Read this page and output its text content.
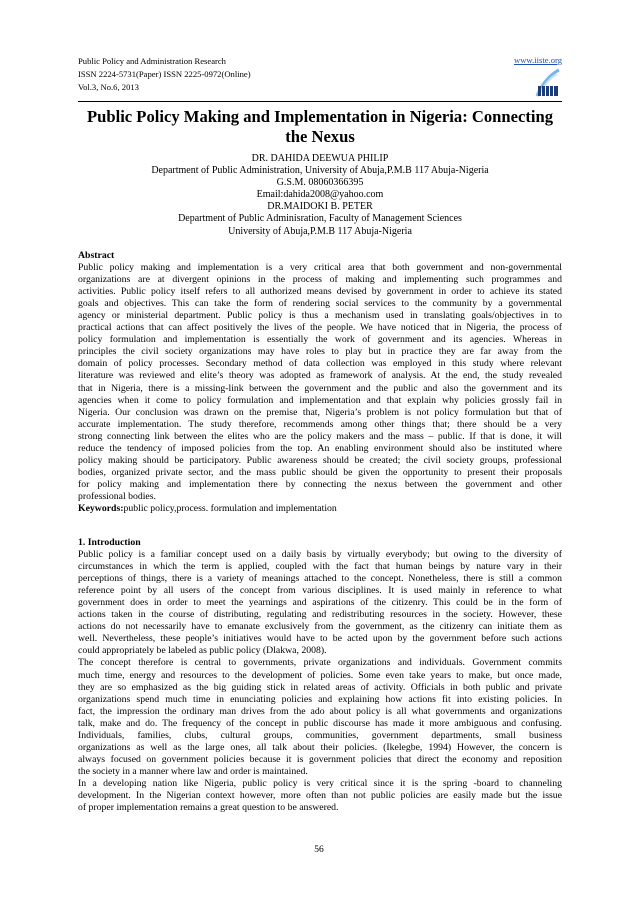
Public Policy and Administration Research
ISSN 2224-5731(Paper) ISSN 2225-0972(Online)
Vol.3, No.6, 2013
www.iiste.org
Public Policy Making and Implementation in Nigeria: Connecting
the Nexus
DR. DAHIDA DEEWUA PHILIP
Department of Public Administration, University of Abuja,P.M.B 117 Abuja-Nigeria
G.S.M. 08060366395
Email:dahida2008@yahoo.com
DR.MAIDOKI B. PETER
Department of Public Adminisration, Faculty of Management Sciences
University of Abuja,P.M.B 117 Abuja-Nigeria
Abstract
Public policy making and implementation is a very critical area that both government and non-governmental
organizations are at divergent opinions in the process of making and implementing such programmes and
activities. Public policy itself refers to all authorized means devised by government in order to achieve its stated
goals and objectives. This can take the form of rendering social services to the community by a governmental
agency or ministerial department. Public policy is thus a mechanism used in translating goals/objectives in to
practical actions that can affect positively the lives of the people. We have noticed that in Nigeria, the process of
policy formulation and implementation is essentially the work of government and its agencies. Whereas in
principles the civil society organizations may have roles to play but in practice they are far away from the
domain of policy processes. Secondary method of data collection was employed in this study where relevant
literature was reviewed and elite’s theory was adopted as framework of analysis. At the end, the study revealed
that in Nigeria, there is a missing-link between the government and the public and also the government and its
agencies when it come to policy formulation and implementation and that explain why policies grossly fail in
Nigeria. Our conclusion was drawn on the premise that, Nigeria’s problem is not policy formulation but that of
accurate implementation. The study therefore, recommends among other things that; there should be a very
strong connecting link between the elites who are the policy makers and the mass – public. If that is done, it will
reduce the tendency of imposed policies from the top. An enabling environment should also be instituted where
policy making should be participatory. Public awareness should be created; the civil society groups, professional
bodies, organized private sector, and the mass public should be given the opportunity to present their proposals
for policy making and implementation there by connecting the nexus between the government and other
professional bodies.
Keywords:public policy,process. formulation and implementation
1. Introduction
Public policy is a familiar concept used on a daily basis by virtually everybody; but owing to the diversity of
circumstances in which the term is applied, coupled with the fact that human beings by nature vary in their
perceptions of things, there is a variety of meanings attached to the concept. Nonetheless, there is still a common
reference point by all users of the concept from various disciplines. It is used mainly in reference to what
government does in order to meet the yearnings and aspirations of the citizenry. This could be in the form of
actions taken in the course of distributing, regulating and redistributing resources in the society. However, these
actions do not necessarily have to emanate exclusively from the government, as the citizenry can initiate them as
well. Nevertheless, these people’s initiatives would have to be acted upon by the government before such actions
could appropriately be labeled as public policy (Dlakwa, 2008).
The concept therefore is central to governments, private organizations and individuals. Government commits
much time, energy and resources to the development of policies. Some even take years to make, but once made,
they are so emphasized as the big guiding stick in related areas of activity. Officials in both public and private
organizations spend much time in enunciating policies and explaining how actions fit into existing policies. In
fact, the impression the ordinary man drives from the ado about policy is all what governments and organizations
talk, make and do. The frequency of the concept in public discourse has made it more ambiguous and confusing.
Individuals, families, clubs, cultural groups, communities, government departments, small business
organizations as well as the large ones, all talk about their policies. (Ikelegbe, 1994) However, the concern is
always focused on government policies because it is government policies that direct the economy and reposition
the society in a manner where law and order is maintained.
In a developing nation like Nigeria, public policy is very critical since it is the spring -board to channeling
development. In the Nigerian context however, more often than not public policies are easily made but the issue
of proper implementation remains a great question to be answered.
56
